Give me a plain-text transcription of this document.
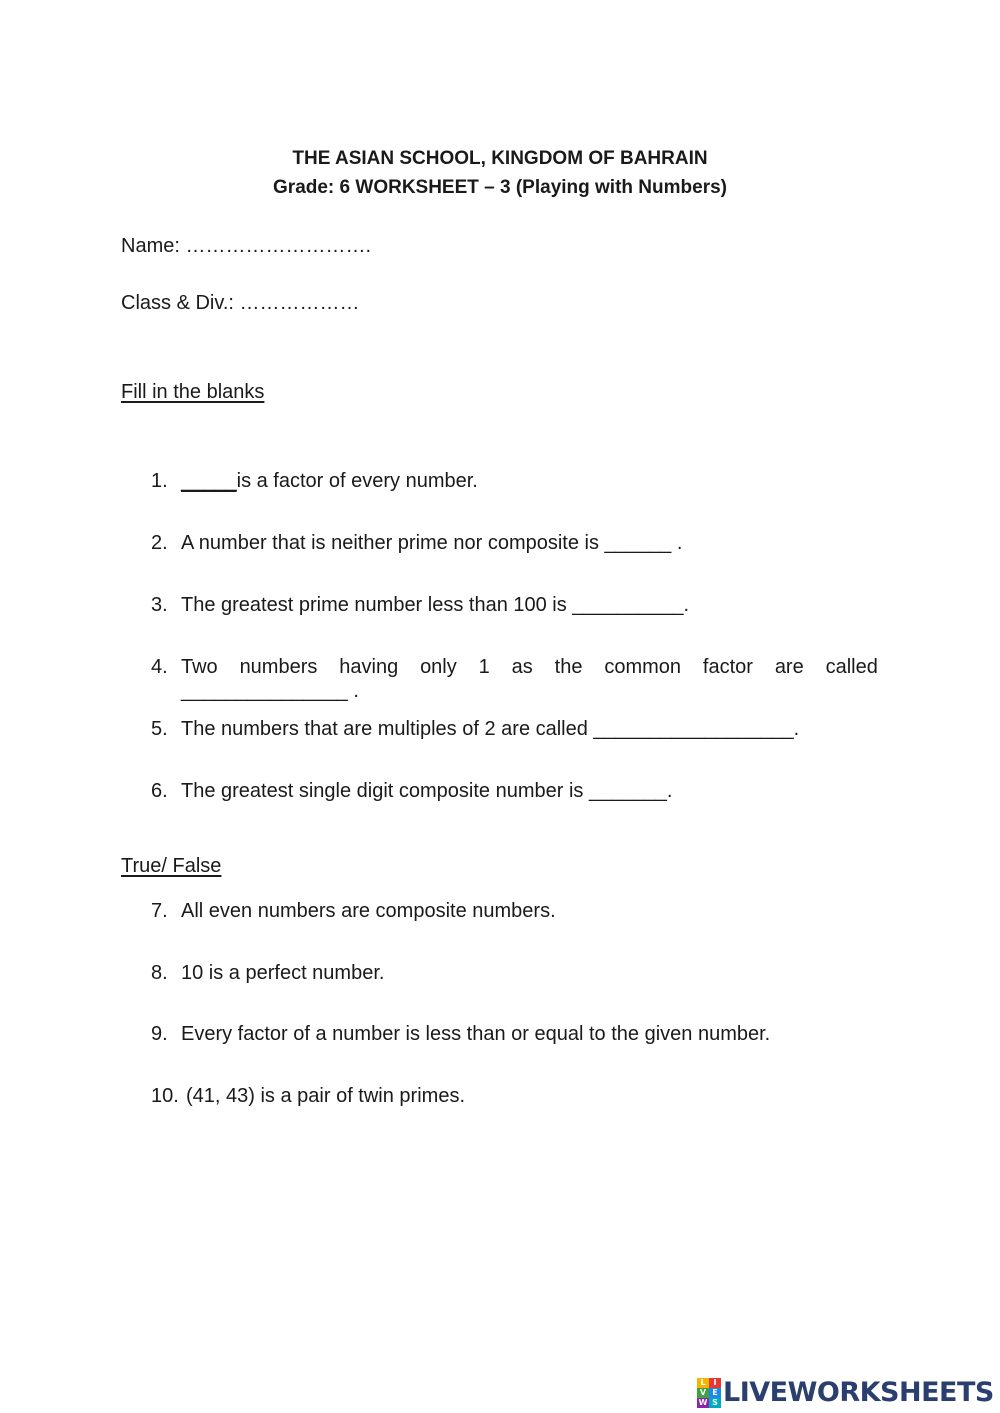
THE ASIAN SCHOOL, KINGDOM OF BAHRAIN
Grade: 6 WORKSHEET – 3 (Playing with Numbers)
Name: ……………………….
Class & Div.: ………………
Fill in the blanks
1. _____is a factor of every number.
2. A number that is neither prime nor composite is ______ .
3. The greatest prime number less than 100 is __________.
4. Two numbers having only 1 as the common factor are called
_______________ .
5. The numbers that are multiples of 2 are called __________________.
6. The greatest single digit composite number is _______.
True/ False
7. All even numbers are composite numbers.
8. 10 is a perfect number.
9. Every factor of a number is less than or equal to the given number.
10. (41, 43) is a pair of twin primes.
L I
V E
W S LIVEWORKSHEETS
